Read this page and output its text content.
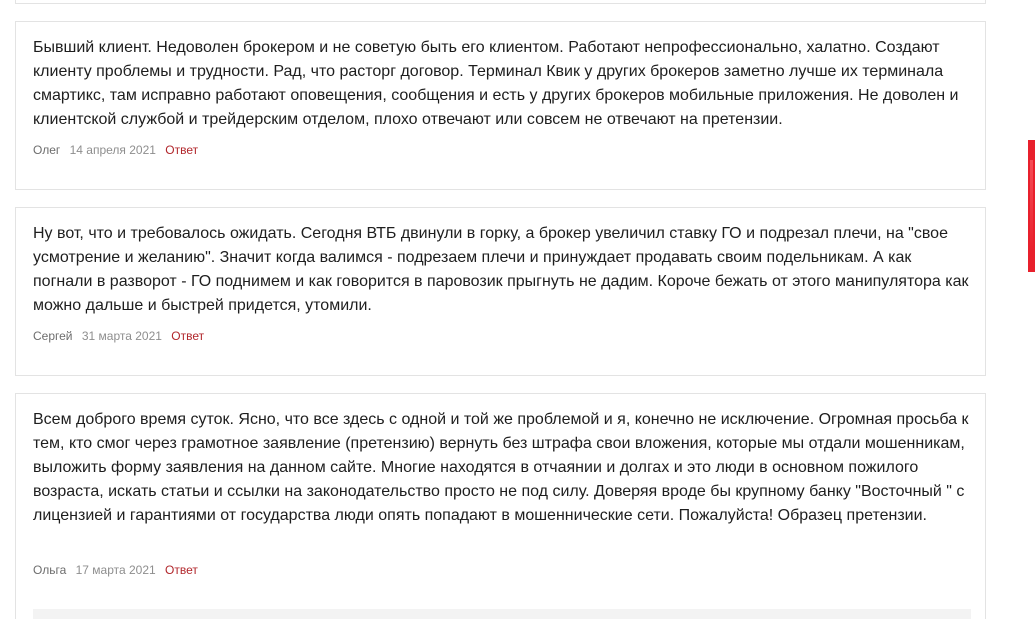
Бывший клиент. Недоволен брокером и не советую быть его клиентом. Работают непрофессионально, халатно. Создают клиенту проблемы и трудности. Рад, что расторг договор. Терминал Квик у других брокеров заметно лучше их терминала смартикс, там исправно работают оповещения, сообщения и есть у других брокеров мобильные приложения. Не доволен и клиентской службой и трейдерским отделом, плохо отвечают или совсем не отвечают на претензии.

Олег 14 апреля 2021 Ответ

Ну вот, что и требовалось ожидать. Сегодня ВТБ двинули в горку, а брокер увеличил ставку ГО и подрезал плечи, на "свое усмотрение и желанию". Значит когда валимся - подрезаем плечи и принуждает продавать своим подельникам. А как погнали в разворот - ГО поднимем и как говорится в паровозик прыгнуть не дадим. Короче бежать от этого манипулятора как можно дальше и быстрей придется, утомили.

Сергей 31 марта 2021 Ответ

Всем доброго время суток. Ясно, что все здесь с одной и той же проблемой и я, конечно не исключение. Огромная просьба к тем, кто смог через грамотное заявление (претензию) вернуть без штрафа свои вложения, которые мы отдали мошенникам, выложить форму заявления на данном сайте. Многие находятся в отчаянии и долгах и это люди в основном пожилого возраста, искать статьи и ссылки на законодательство просто не под силу. Доверяя вроде бы крупному банку "Восточный " с лицензией и гарантиями от государства люди опять попадают в мошеннические сети. Пожалуйста! Образец претензии.

Ольга 17 марта 2021 Ответ
